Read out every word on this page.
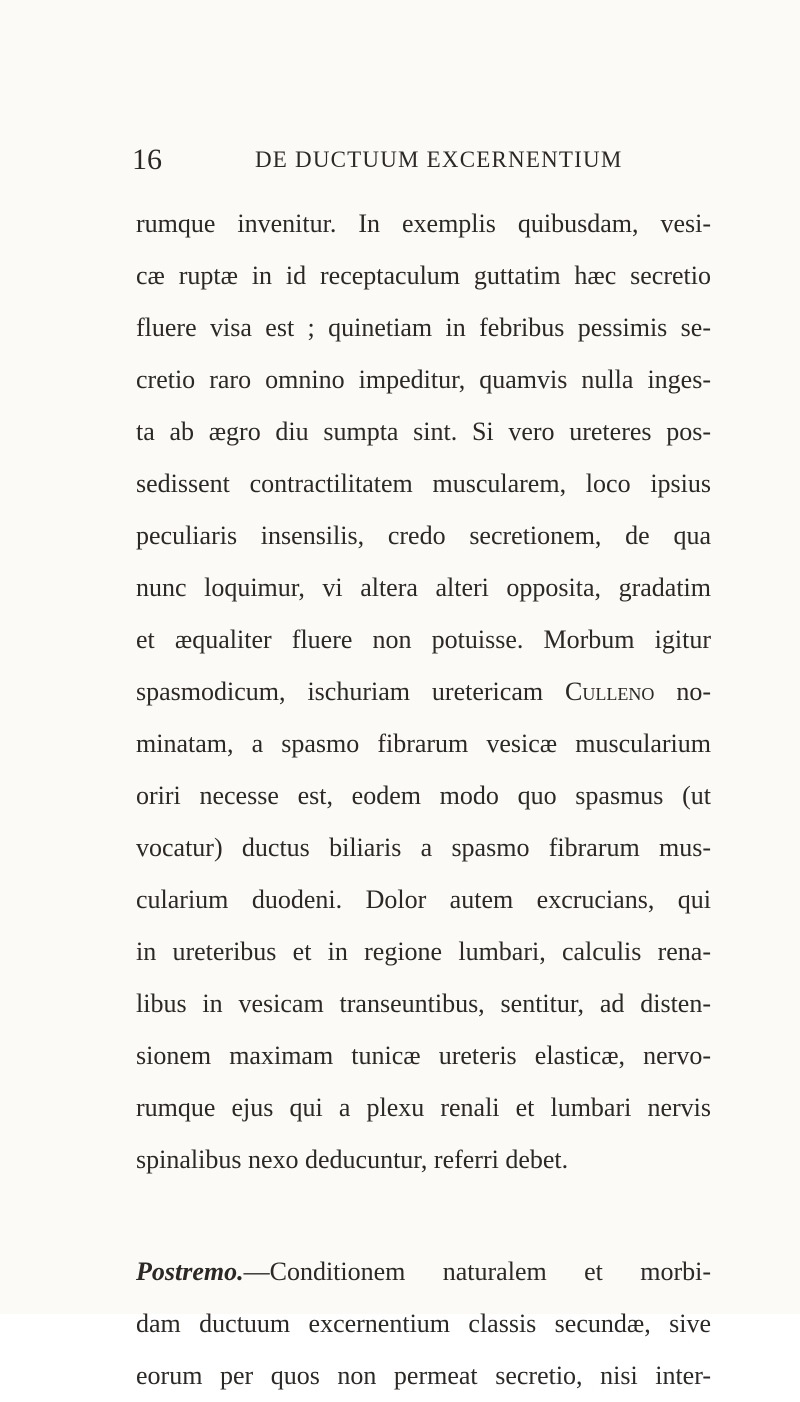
16	DE DUCTUUM EXCERNENTIUM
rumque invenitur. In exemplis quibusdam, vesi-
cæ ruptæ in id receptaculum guttatim hæc secretio
fluere visa est ; quinetiam in febribus pessimis se-
cretio raro omnino impeditur, quamvis nulla inges-
ta ab ægro diu sumpta sint. Si vero ureteres pos-
sedissent contractilitatem muscularem, loco ipsius
peculiaris insensilis, credo secretionem, de qua
nunc loquimur, vi altera alteri opposita, gradatim
et æqualiter fluere non potuisse. Morbum igitur
spasmodicum, ischuriam uretericam Culleno no-
minatam, a spasmo fibrarum vesicæ muscularium
oriri necesse est, eodem modo quo spasmus (ut
vocatur) ductus biliaris a spasmo fibrarum mus-
cularium duodeni. Dolor autem excrucians, qui
in ureteribus et in regione lumbari, calculis rena-
libus in vesicam transeuntibus, sentitur, ad disten-
sionem maximam tunicæ ureteris elasticæ, nervo-
rumque ejus qui a plexu renali et lumbari nervis
spinalibus nexo deducuntur, referri debet.
Postremo.—Conditionem naturalem et morbi-
dam ductuum excernentium classis secundæ, sive
eorum per quos non permeat secretio, nisi inter-
